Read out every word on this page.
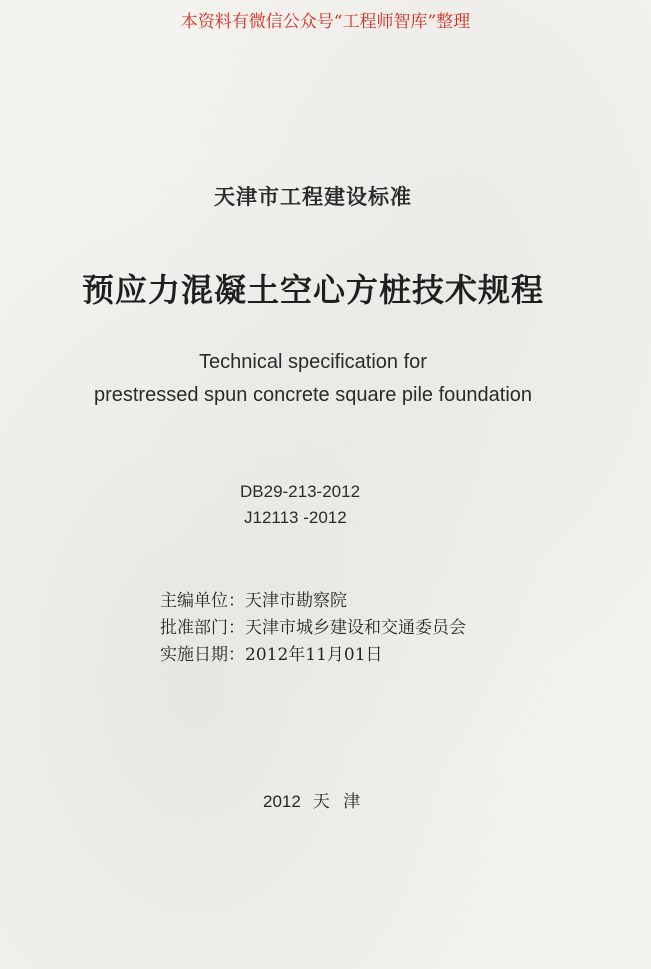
本资料有微信公众号“工程师智库”整理
天津市工程建设标准
预应力混凝土空心方桩技术规程
Technical specification for
prestressed spun concrete square pile foundation
DB29-213-2012
J12113 -2012
主编单位：天津市勘察院
批准部门：天津市城乡建设和交通委员会
实施日期：2012年11月01日
2012 天 津
